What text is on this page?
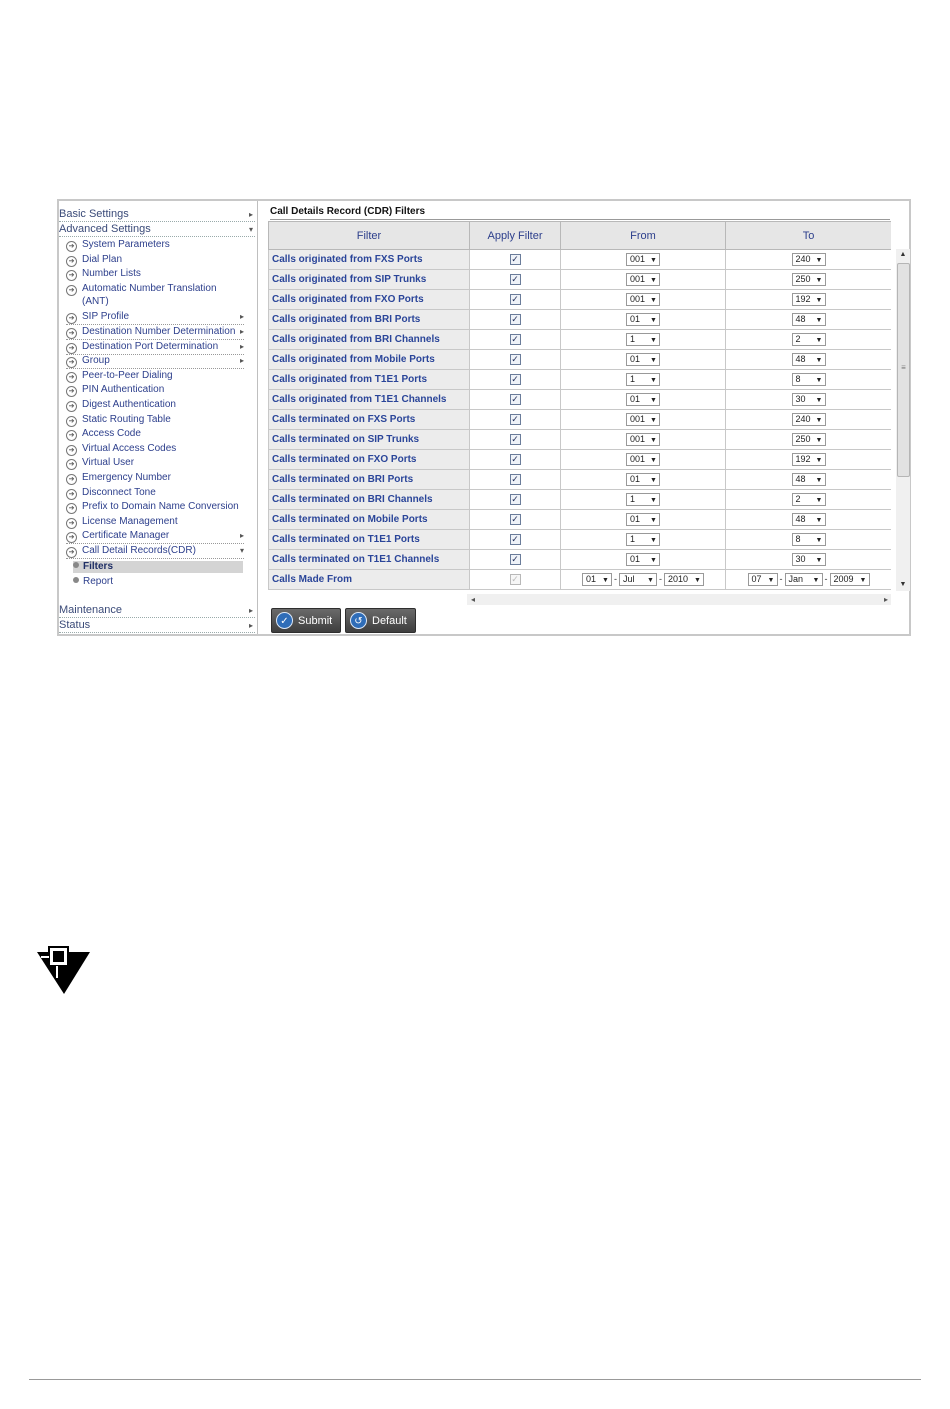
Basic Settings	▸
Advanced Settings	▾
➔ System Parameters
➔ Dial Plan
➔ Number Lists
➔ Automatic Number Translation
(ANT)
➔ SIP Profile	▸
➔ Destination Number Determination ▸
➔ Destination Port Determination	▸
➔ Group	▸
➔ Peer-to-Peer Dialing
➔ PIN Authentication
➔ Digest Authentication
➔ Static Routing Table
➔ Access Code
➔ Virtual Access Codes
➔ Virtual User
➔ Emergency Number
➔ Disconnect Tone
➔ Prefix to Domain Name Conversion
➔ License Management
➔ Certificate Manager	▸
➔ Call Detail Records(CDR)	▾
Filters
Report
Maintenance	▸
Status	▸
Call Details Record (CDR) Filters
Filter	Apply Filter	From	To
Calls originated from FXS Ports	✓	001 ▼	240 ▼
Calls originated from SIP Trunks	✓	001 ▼	250 ▼
Calls originated from FXO Ports	✓	001 ▼	192 ▼
Calls originated from BRI Ports	✓	01 ▼	48 ▼
Calls originated from BRI Channels	✓	1 ▼	2 ▼
Calls originated from Mobile Ports	✓	01 ▼	48 ▼
Calls originated from T1E1 Ports	✓	1 ▼	8 ▼
Calls originated from T1E1 Channels	✓	01 ▼	30 ▼
Calls terminated on FXS Ports	✓	001 ▼	240 ▼
Calls terminated on SIP Trunks	✓	001 ▼	250 ▼
Calls terminated on FXO Ports	✓	001 ▼	192 ▼
Calls terminated on BRI Ports	✓	01 ▼	48 ▼
Calls terminated on BRI Channels	✓	1 ▼	2 ▼
Calls terminated on Mobile Ports	✓	01 ▼	48 ▼
Calls terminated on T1E1 Ports	✓	1 ▼	8 ▼
Calls terminated on T1E1 Channels	✓	01 ▼	30 ▼
Calls Made From	✓	01 ▼ - Jul ▼ - 2010 ▼	07 ▼ - Jan ▼ - 2009 ▼
▲
≡
▼
◂	▸
✓ Submit	↺ Default
